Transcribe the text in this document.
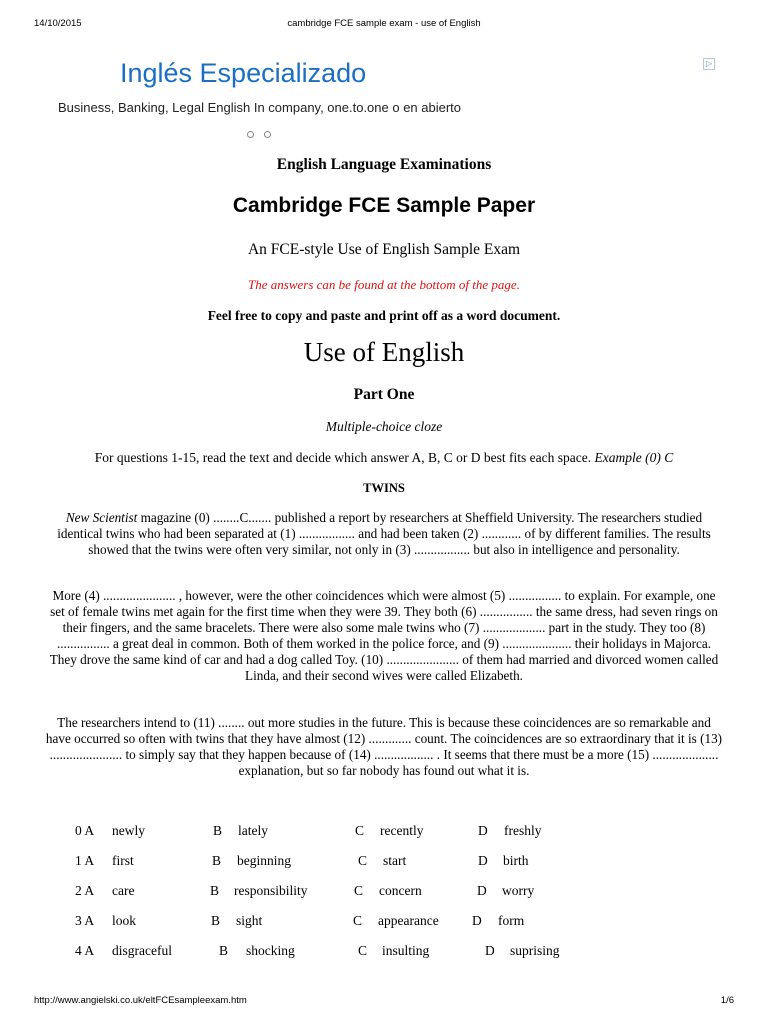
14/10/2015	cambridge FCE sample exam - use of English
Inglés Especializado
Business, Banking, Legal English In company, one.to.one o en abierto

▷
English Language Examinations
Cambridge FCE Sample Paper
An FCE-style Use of English Sample Exam
The answers can be found at the bottom of the page.
Feel free to copy and paste and print off as a word document.
Use of English
Part One
Multiple-choice cloze
For questions 1-15, read the text and decide which answer A, B, C or D best fits each space. Example (0) C
TWINS
New Scientist magazine (0) ........C....... published a report by researchers at Sheffield University. The researchers studied identical twins who had been separated at (1) ................. and had been taken (2) ............ of by different families. The results showed that the twins were often very similar, not only in (3) ................. but also in intelligence and personality.
More (4) ...................... , however, were the other coincidences which were almost (5) ................ to explain. For example, one set of female twins met again for the first time when they were 39. They both (6) ................ the same dress, had seven rings on their fingers, and the same bracelets. There were also some male twins who (7) ................... part in the study. They too (8) ................ a great deal in common. Both of them worked in the police force, and (9) ..................... their holidays in Majorca. They drove the same kind of car and had a dog called Toy. (10) ...................... of them had married and divorced women called Linda, and their second wives were called Elizabeth.
The researchers intend to (11) ........ out more studies in the future. This is because these coincidences are so remarkable and have occurred so often with twins that they have almost (12) ............. count. The coincidences are so extraordinary that it is (13) ...................... to simply say that they happen because of (14) .................. . It seems that there must be a more (15) .................... explanation, but so far nobody has found out what it is.
0 A newly	B lately	C recently	D freshly
1 A first	B beginning	C start	D birth
2 A care	B responsibility	C concern	D worry
3 A look	B sight	C appearance D form
4 A disgraceful	B shocking	C insulting	D suprising
http://www.angielski.co.uk/eltFCEsampleexam.htm	1/6
